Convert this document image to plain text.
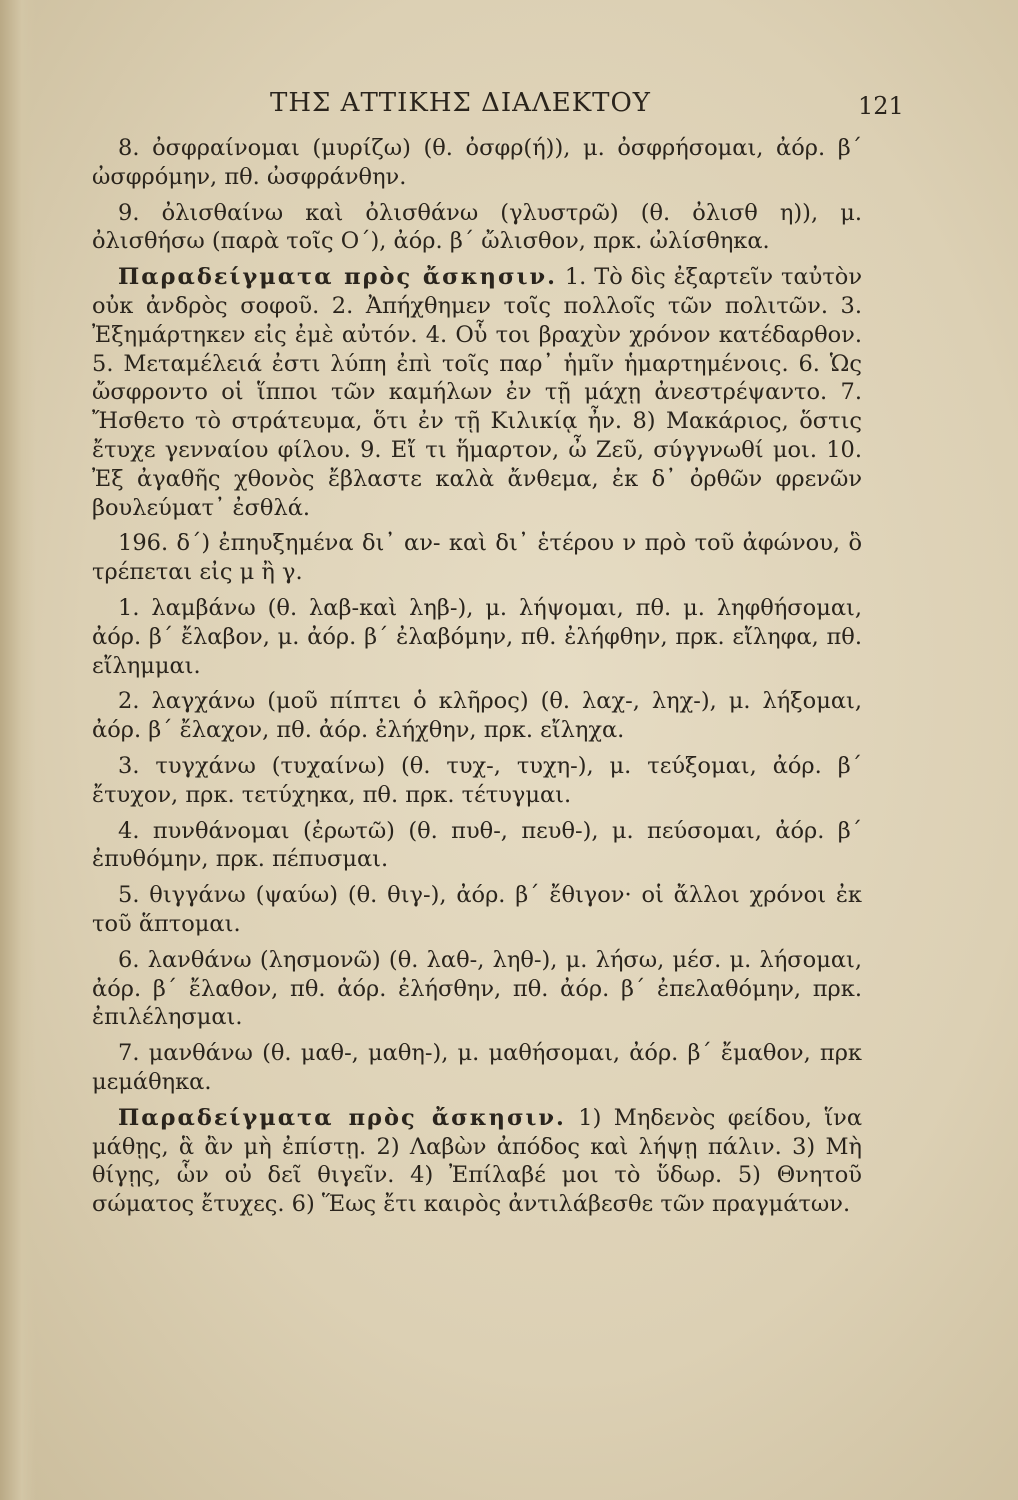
ΤΗΣ ΑΤΤΙΚΗΣ ΔΙΑΛΕΚΤΟΥ	121

8. ὀσφραίνομαι (μυρίζω) (θ. ὀσφρ(ή)), μ. ὀσφρήσομαι, ἀόρ. β΄ ὠσφρόμην, πθ. ὠσφράνθην.

9. ὀλισθαίνω καὶ ὀλισθάνω (γλυστρῶ) (θ. ὀλισθ η)), μ. ὀλισθήσω (παρὰ τοῖς Ο΄), ἀόρ. β΄ ὤλισθον, πρκ. ὠλίσθηκα.

Παραδείγματα πρὸς ἄσκησιν. 1. Τὸ δὶς ἐξαρτεῖν ταὐτὸν οὐκ ἀνδρὸς σοφοῦ. 2. Ἀπήχθημεν τοῖς πολλοῖς τῶν πολιτῶν. 3. Ἐξημάρτηκεν εἰς ἐμὲ αὐτόν. 4. Οὗ τοι βραχὺν χρόνον κατέδαρθον. 5. Μεταμέλειά ἐστι λύπη ἐπὶ τοῖς παρ᾿ ἡμῖν ἡμαρτημένοις. 6. Ὡς ὤσφροντο οἱ ἵπποι τῶν καμήλων ἐν τῇ μάχῃ ἀνεστρέψαντο. 7. Ἤσθετο τὸ στράτευμα, ὅτι ἐν τῇ Κιλικίᾳ ἦν. 8) Μακάριος, ὅστις ἔτυχε γενναίου φίλου. 9. Εἴ τι ἥμαρτον, ὦ Ζεῦ, σύγγνωθί μοι. 10. Ἐξ ἀγαθῆς χθονὸς ἔβλαστε καλὰ ἄνθεμα, ἐκ δ᾿ ὀρθῶν φρενῶν βουλεύματ᾿ ἐσθλά.

196. δ΄) ἐπηυξημένα δι᾿ αν- καὶ δι᾿ ἑτέρου ν πρὸ τοῦ ἀφώνου, ὃ τρέπεται εἰς μ ἢ γ.

1. λαμβάνω (θ. λαβ-καὶ ληβ-), μ. λήψομαι, πθ. μ. ληφθήσομαι, ἀόρ. β΄ ἔλαβον, μ. ἀόρ. β΄ ἐλαβόμην, πθ. ἐλήφθην, πρκ. εἴληφα, πθ. εἴλημμαι.

2. λαγχάνω (μοῦ πίπτει ὁ κλῆρος) (θ. λαχ-, ληχ-), μ. λήξομαι, ἀόρ. β΄ ἔλαχον, πθ. ἀόρ. ἐλήχθην, πρκ. εἴληχα.

3. τυγχάνω (τυχαίνω) (θ. τυχ-, τυχη-), μ. τεύξομαι, ἀόρ. β΄ ἔτυχον, πρκ. τετύχηκα, πθ. πρκ. τέτυγμαι.

4. πυνθάνομαι (ἐρωτῶ) (θ. πυθ-, πευθ-), μ. πεύσομαι, ἀόρ. β΄ ἐπυθόμην, πρκ. πέπυσμαι.

5. θιγγάνω (ψαύω) (θ. θιγ-), ἀόρ. β΄ ἔθιγον· οἱ ἄλλοι χρόνοι ἐκ τοῦ ἅπτομαι.

6. λανθάνω (λησμονῶ) (θ. λαθ-, ληθ-), μ. λήσω, μέσ. μ. λήσομαι, ἀόρ. β΄ ἔλαθον, πθ. ἀόρ. ἐλήσθην, πθ. ἀόρ. β΄ ἐπελαθόμην, πρκ. ἐπιλέλησμαι.

7. μανθάνω (θ. μαθ-, μαθη-), μ. μαθήσομαι, ἀόρ. β΄ ἔμαθον, πρκ μεμάθηκα.

Παραδείγματα πρὸς ἄσκησιν. 1) Μηδενὸς φείδου, ἵνα μάθῃς, ἃ ἂν μὴ ἐπίστῃ. 2) Λαβὼν ἀπόδος καὶ λήψῃ πάλιν. 3) Μὴ θίγῃς, ὧν οὐ δεῖ θιγεῖν. 4) Ἐπίλαβέ μοι τὸ ὕδωρ. 5) Θνητοῦ σώματος ἔτυχες. 6) Ἕως ἔτι καιρὸς ἀντιλάβεσθε τῶν πραγμάτων.
